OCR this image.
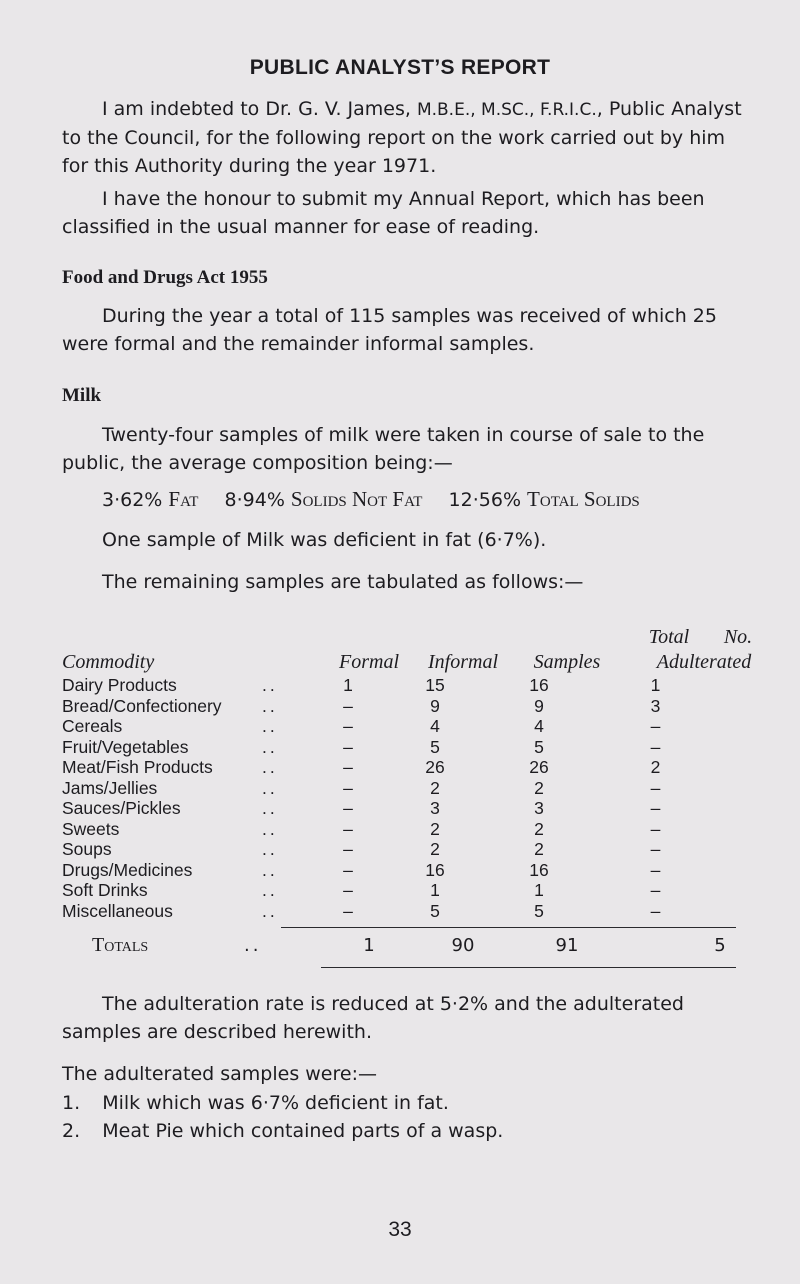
PUBLIC ANALYST’S REPORT

I am indebted to Dr. G. V. James, M.B.E., M.SC., F.R.I.C., Public Analyst to the Council, for the following report on the work carried out by him for this Authority during the year 1971.

I have the honour to submit my Annual Report, which has been classified in the usual manner for ease of reading.

Food and Drugs Act 1955

During the year a total of 115 samples was received of which 25 were formal and the remainder informal samples.

Milk

Twenty-four samples of milk were taken in course of sale to the public, the average composition being:—

3·62% Fat 8·94% Solids Not Fat 12·56% Total Solids
One sample of Milk was deficient in fat (6·7%).
The remaining samples are tabulated as follows:—
Total	No.
Commodity	Formal	Informal	Samples	Adulterated
Dairy Products ..	1	15	16	1
Bread/Confectionery ..	–	9	9	3
Cereals ..	–	4	4	–
Fruit/Vegetables ..	–	5	5	–
Meat/Fish Products ..	–	26	26	2
Jams/Jellies ..	–	2	2	–
Sauces/Pickles ..	–	3	3	–
Sweets ..	–	2	2	–
Soups ..	–	2	2	–
Drugs/Medicines ..	–	16	16	–
Soft Drinks ..	–	1	1	–
Miscellaneous ..	–	5	5	–
Totals	..	1	90	91	5

The adulteration rate is reduced at 5·2% and the adulterated samples are described herewith.

The adulterated samples were:—
1. Milk which was 6·7% deficient in fat.
2. Meat Pie which contained parts of a wasp.
33
